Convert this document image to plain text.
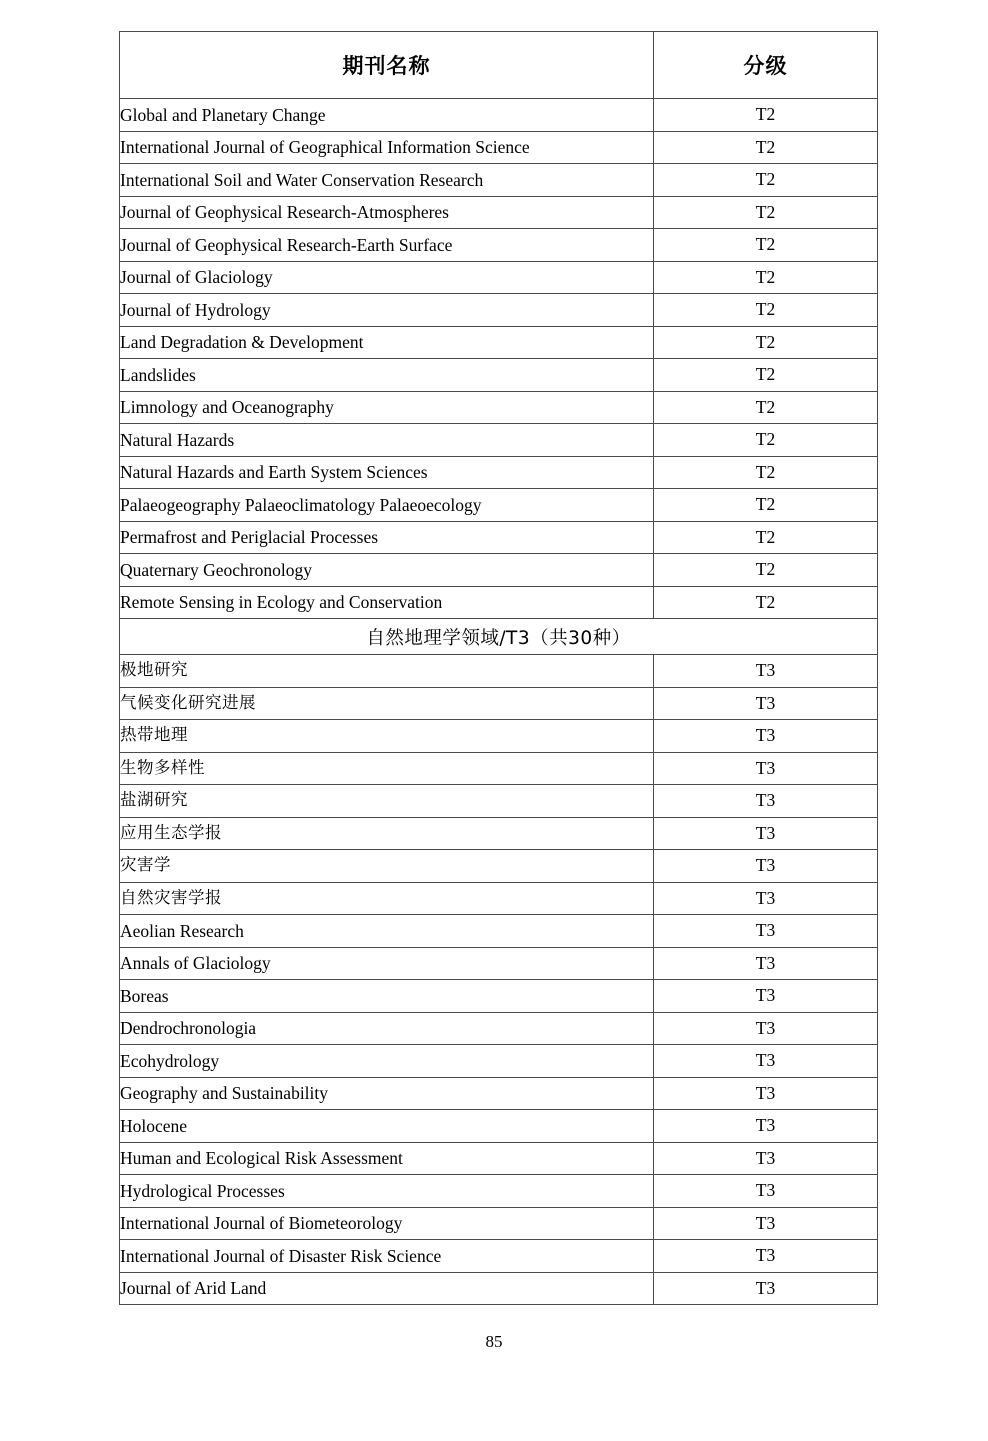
期刊名称	分级
Global and Planetary Change	T2
International Journal of Geographical Information Science	T2
International Soil and Water Conservation Research	T2
Journal of Geophysical Research-Atmospheres	T2
Journal of Geophysical Research-Earth Surface	T2
Journal of Glaciology	T2
Journal of Hydrology	T2
Land Degradation & Development	T2
Landslides	T2
Limnology and Oceanography	T2
Natural Hazards	T2
Natural Hazards and Earth System Sciences	T2
Palaeogeography Palaeoclimatology Palaeoecology	T2
Permafrost and Periglacial Processes	T2
Quaternary Geochronology	T2
Remote Sensing in Ecology and Conservation	T2
自然地理学领域/T3（共30种）	
极地研究	T3
气候变化研究进展	T3
热带地理	T3
生物多样性	T3
盐湖研究	T3
应用生态学报	T3
灾害学	T3
自然灾害学报	T3
Aeolian Research	T3
Annals of Glaciology	T3
Boreas	T3
Dendrochronologia	T3
Ecohydrology	T3
Geography and Sustainability	T3
Holocene	T3
Human and Ecological Risk Assessment	T3
Hydrological Processes	T3
International Journal of Biometeorology	T3
International Journal of Disaster Risk Science	T3
Journal of Arid Land	T3
85
